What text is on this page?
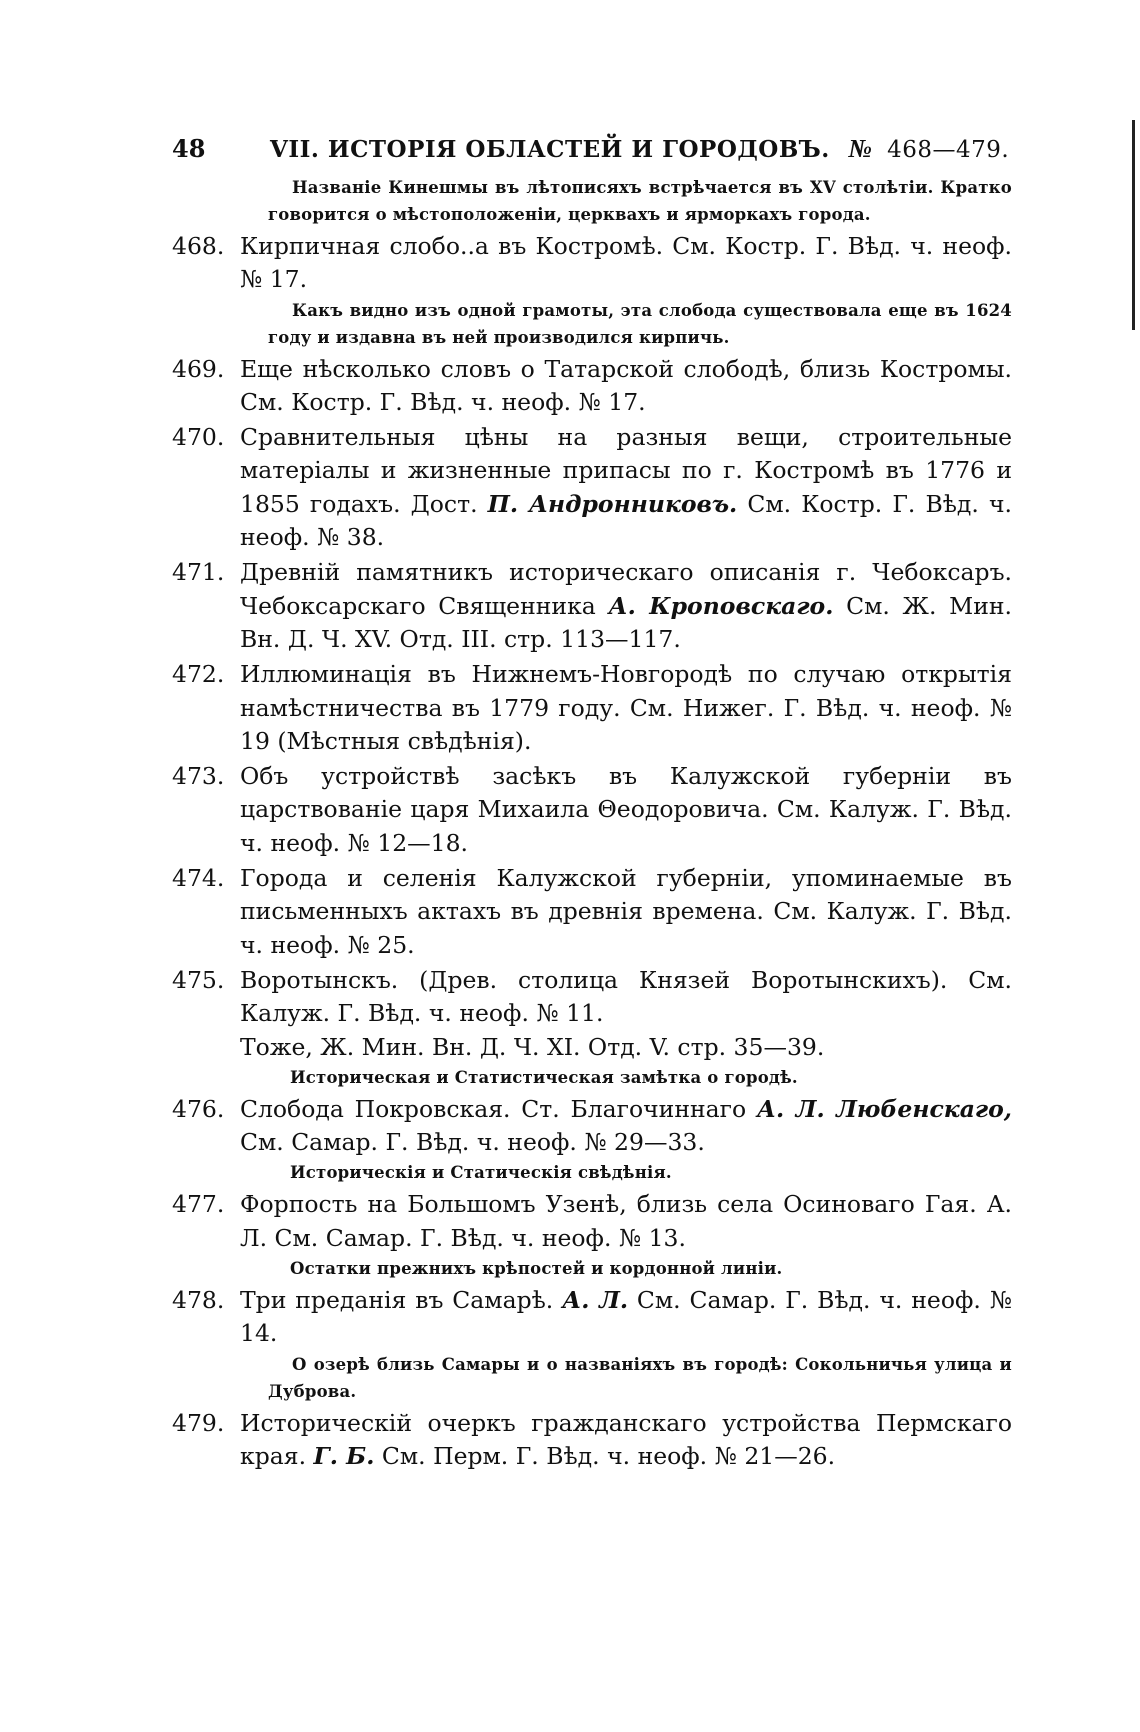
48	VII. ИСТОРІЯ ОБЛАСТЕЙ И ГОРОДОВЪ. № 468—479.
Названіе Кинешмы въ лѣтописяхъ встрѣчается въ XV столѣтіи. Кратко говорится о мѣстоположеніи, церквахъ и ярморкахъ города.
468. Кирпичная слобо..а въ Костромѣ. См. Костр. Г. Вѣд. ч. неоф. № 17.
Какъ видно изъ одной грамоты, эта слобода существовала еще въ 1624 году и издавна въ ней производился кирпичь.
469. Еще нѣсколько словъ о Татарской слободѣ, близь Костромы. См. Костр. Г. Вѣд. ч. неоф. № 17.
470. Сравнительныя цѣны на разныя вещи, строительные матеріалы и жизненные припасы по г. Костромѣ въ 1776 и 1855 годахъ. Дост. П. Андронниковъ. См. Костр. Г. Вѣд. ч. неоф. № 38.
471. Древній памятникъ историческаго описанія г. Чебоксаръ. Чебоксарскаго Священника А. Кроповскаго. См. Ж. Мин. Вн. Д. Ч. XV. Отд. III. стр. 113—117.
472. Иллюминація въ Нижнемъ-Новгородѣ по случаю открытія намѣстничества въ 1779 году. См. Нижег. Г. Вѣд. ч. неоф. № 19 (Мѣстныя свѣдѣнія).
473. Объ устройствѣ засѣкъ въ Калужской губерніи въ царствованіе царя Михаила Θеодоровича. См. Калуж. Г. Вѣд. ч. неоф. № 12—18.
474. Города и селенія Калужской губерніи, упоминаемые въ письменныхъ актахъ въ древнія времена. См. Калуж. Г. Вѣд. ч. неоф. № 25.
475. Воротынскъ. (Древ. столица Князей Воротынскихъ). См. Калуж. Г. Вѣд. ч. неоф. № 11.
Тоже, Ж. Мин. Вн. Д. Ч. XI. Отд. V. стр. 35—39.
Историческая и Статистическая замѣтка о городѣ.
476. Слобода Покровская. Ст. Благочиннаго А. Л. Любенскаго, См. Самар. Г. Вѣд. ч. неоф. № 29—33.
Историческія и Статическія свѣдѣнія.
477. Форпость на Большомъ Узенѣ, близь села Осиноваго Гая. А. Л. См. Самар. Г. Вѣд. ч. неоф. № 13.
Остатки прежнихъ крѣпостей и кордонной линіи.
478. Три преданія въ Самарѣ. А. Л. См. Самар. Г. Вѣд. ч. неоф. № 14.
О озерѣ близь Самары и о названіяхъ въ городѣ: Сокольничья улица и Дуброва.
479. Историческій очеркъ гражданскаго устройства Пермскаго края. Г. Б. См. Перм. Г. Вѣд. ч. неоф. № 21—26.
